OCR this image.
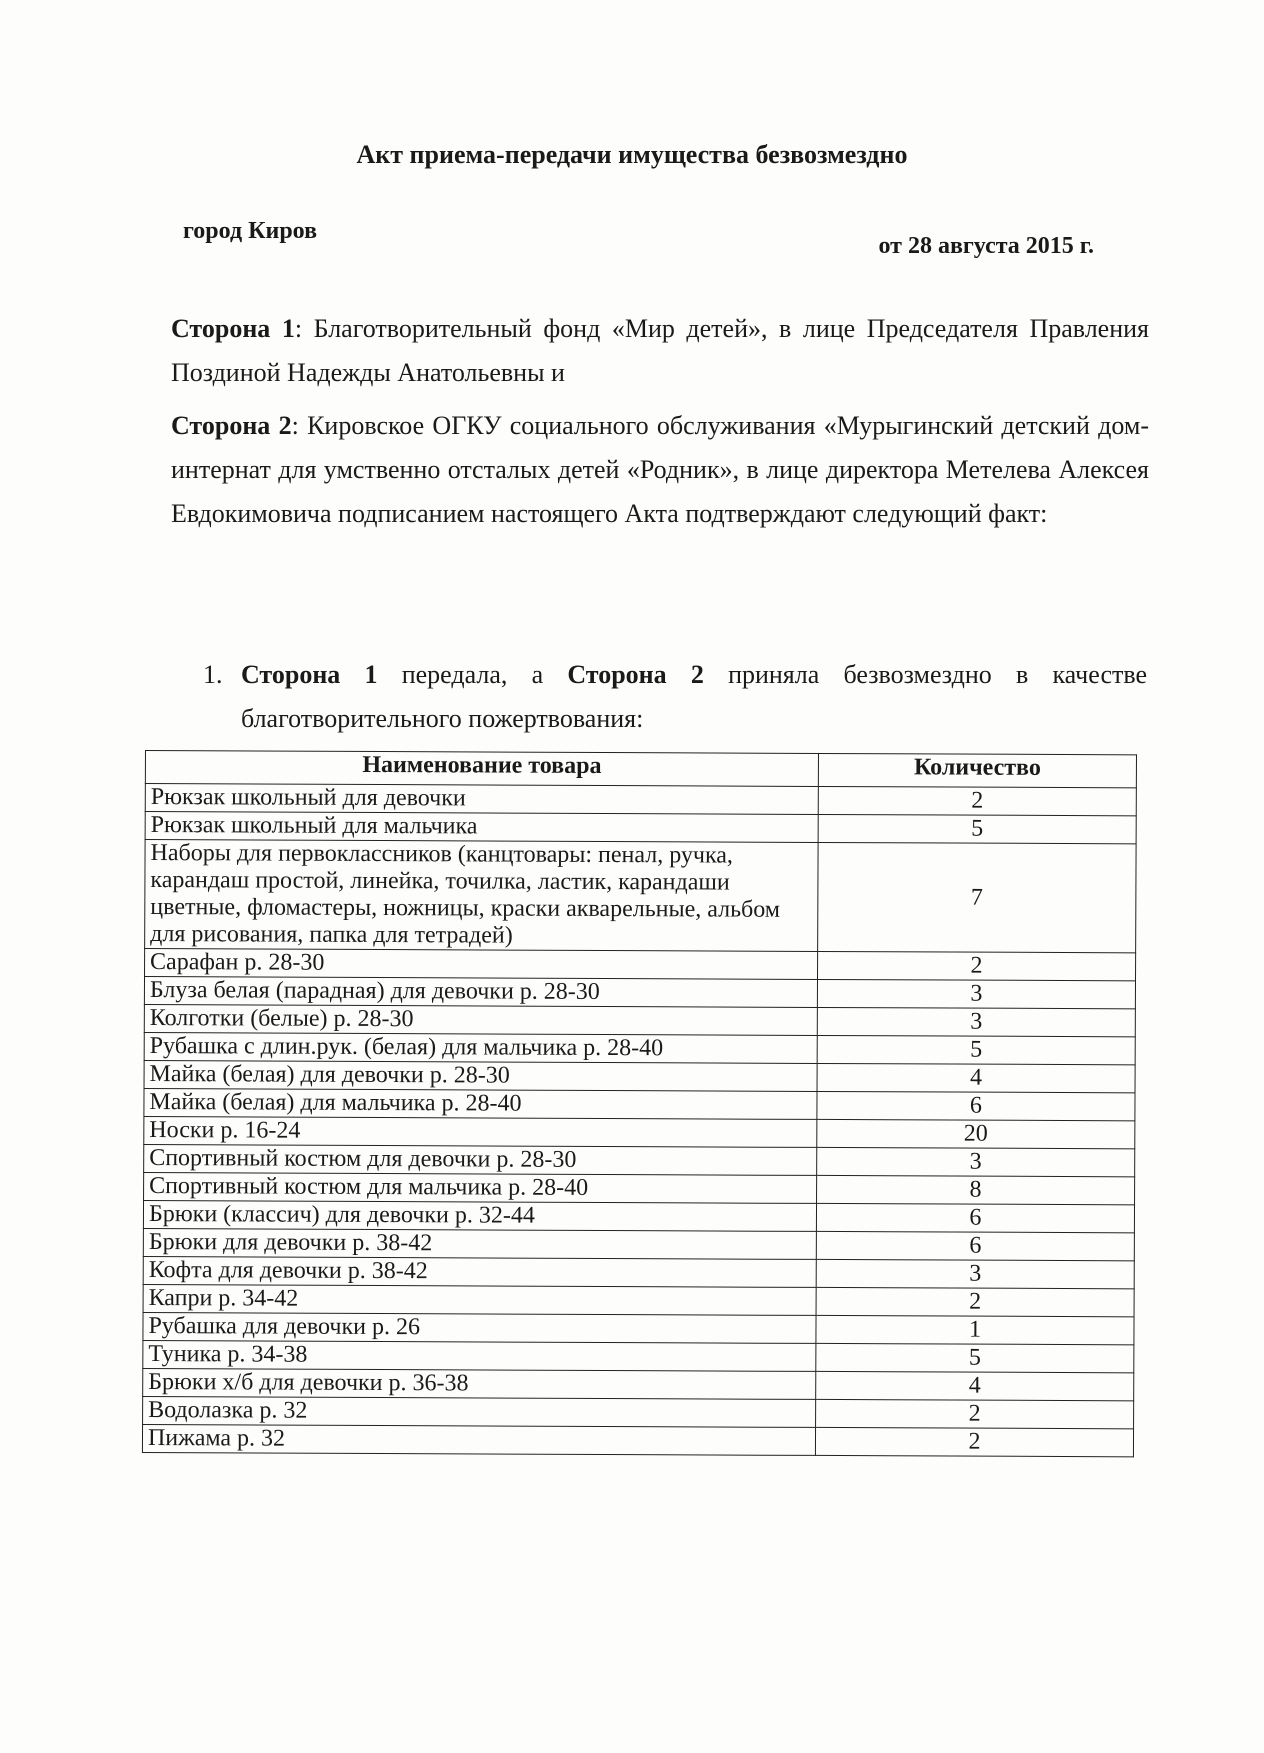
Акт приема-передачи имущества безвозмездно
город Киров
от 28 августа 2015 г.
Сторона 1: Благотворительный фонд «Мир детей», в лице Председателя Правления Поздиной Надежды Анатольевны и
Сторона 2: Кировское ОГКУ социального обслуживания «Мурыгинский детский дом-интернат для умственно отсталых детей «Родник», в лице директора Метелева Алексея Евдокимовича подписанием настоящего Акта подтверждают следующий факт:
1. Сторона 1 передала, а Сторона 2 приняла безвозмездно в качестве благотворительного пожертвования:
Наименование товара	Количество
Рюкзак школьный для девочки	2
Рюкзак школьный для мальчика	5
Наборы для первоклассников (канцтовары: пенал, ручка, карандаш простой, линейка, точилка, ластик, карандаши цветные, фломастеры, ножницы, краски акварельные, альбом для рисования, папка для тетрадей)	7
Сарафан р. 28-30	2
Блуза белая (парадная) для девочки р. 28-30	3
Колготки (белые) р. 28-30	3
Рубашка с длин.рук. (белая) для мальчика р. 28-40	5
Майка (белая) для девочки р. 28-30	4
Майка (белая) для мальчика р. 28-40	6
Носки р. 16-24	20
Спортивный костюм для девочки р. 28-30	3
Спортивный костюм для мальчика р. 28-40	8
Брюки (классич) для девочки р. 32-44	6
Брюки для девочки р. 38-42	6
Кофта для девочки р. 38-42	3
Капри р. 34-42	2
Рубашка для девочки р. 26	1
Туника р. 34-38	5
Брюки х/б для девочки р. 36-38	4
Водолазка р. 32	2
Пижама р. 32	2
